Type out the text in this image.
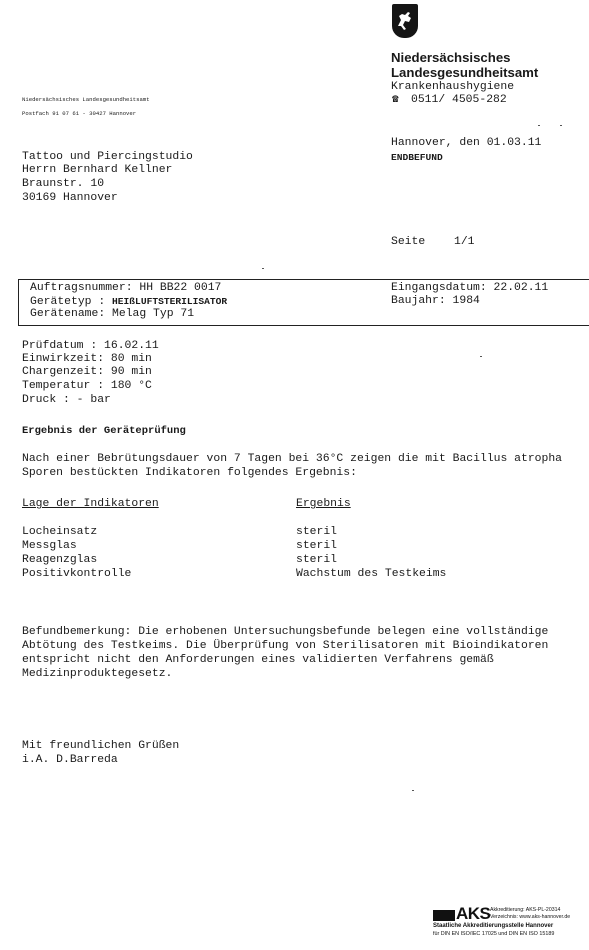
Niedersächsisches
Landesgesundheitsamt
Krankenhaushygiene
☎ 0511/ 4505-282
Niedersächsisches Landesgesundheitsamt
Postfach 91 07 61 - 30427 Hannover
Tattoo und Piercingstudio
Herrn Bernhard Kellner
Braunstr. 10
30169 Hannover
Hannover, den 01.03.11
ENDBEFUND
Seite	1/1
Auftragsnummer: HH BB22 0017
Gerätetyp : HEIßLUFTSTERILISATOR
Gerätename: Melag Typ 71
Eingangsdatum: 22.02.11
Baujahr: 1984
Prüfdatum : 16.02.11
Einwirkzeit: 80 min
Chargenzeit: 90 min
Temperatur : 180 °C
Druck : - bar
Ergebnis der Geräteprüfung
Nach einer Bebrütungsdauer von 7 Tagen bei 36°C zeigen die mit Bacillus atropha
Sporen bestückten Indikatoren folgendes Ergebnis:
Lage der Indikatoren	Ergebnis
Locheinsatz	steril
Messglas	steril
Reagenzglas	steril
Positivkontrolle	Wachstum des Testkeims
Befundbemerkung: Die erhobenen Untersuchungsbefunde belegen eine vollständige
Abtötung des Testkeims. Die Überprüfung von Sterilisatoren mit Bioindikatoren
entspricht nicht den Anforderungen eines validierten Verfahrens gemäß
Medizinproduktegesetz.
Mit freundlichen Grüßen
i.A. D.Barreda
AKS Akkreditierung: AKS-PL-20314
Verzeichnis: www.aks-hannover.de
Staatliche Akkreditierungsstelle Hannover
für DIN EN ISO/IEC 17025 und DIN EN ISO 15189
